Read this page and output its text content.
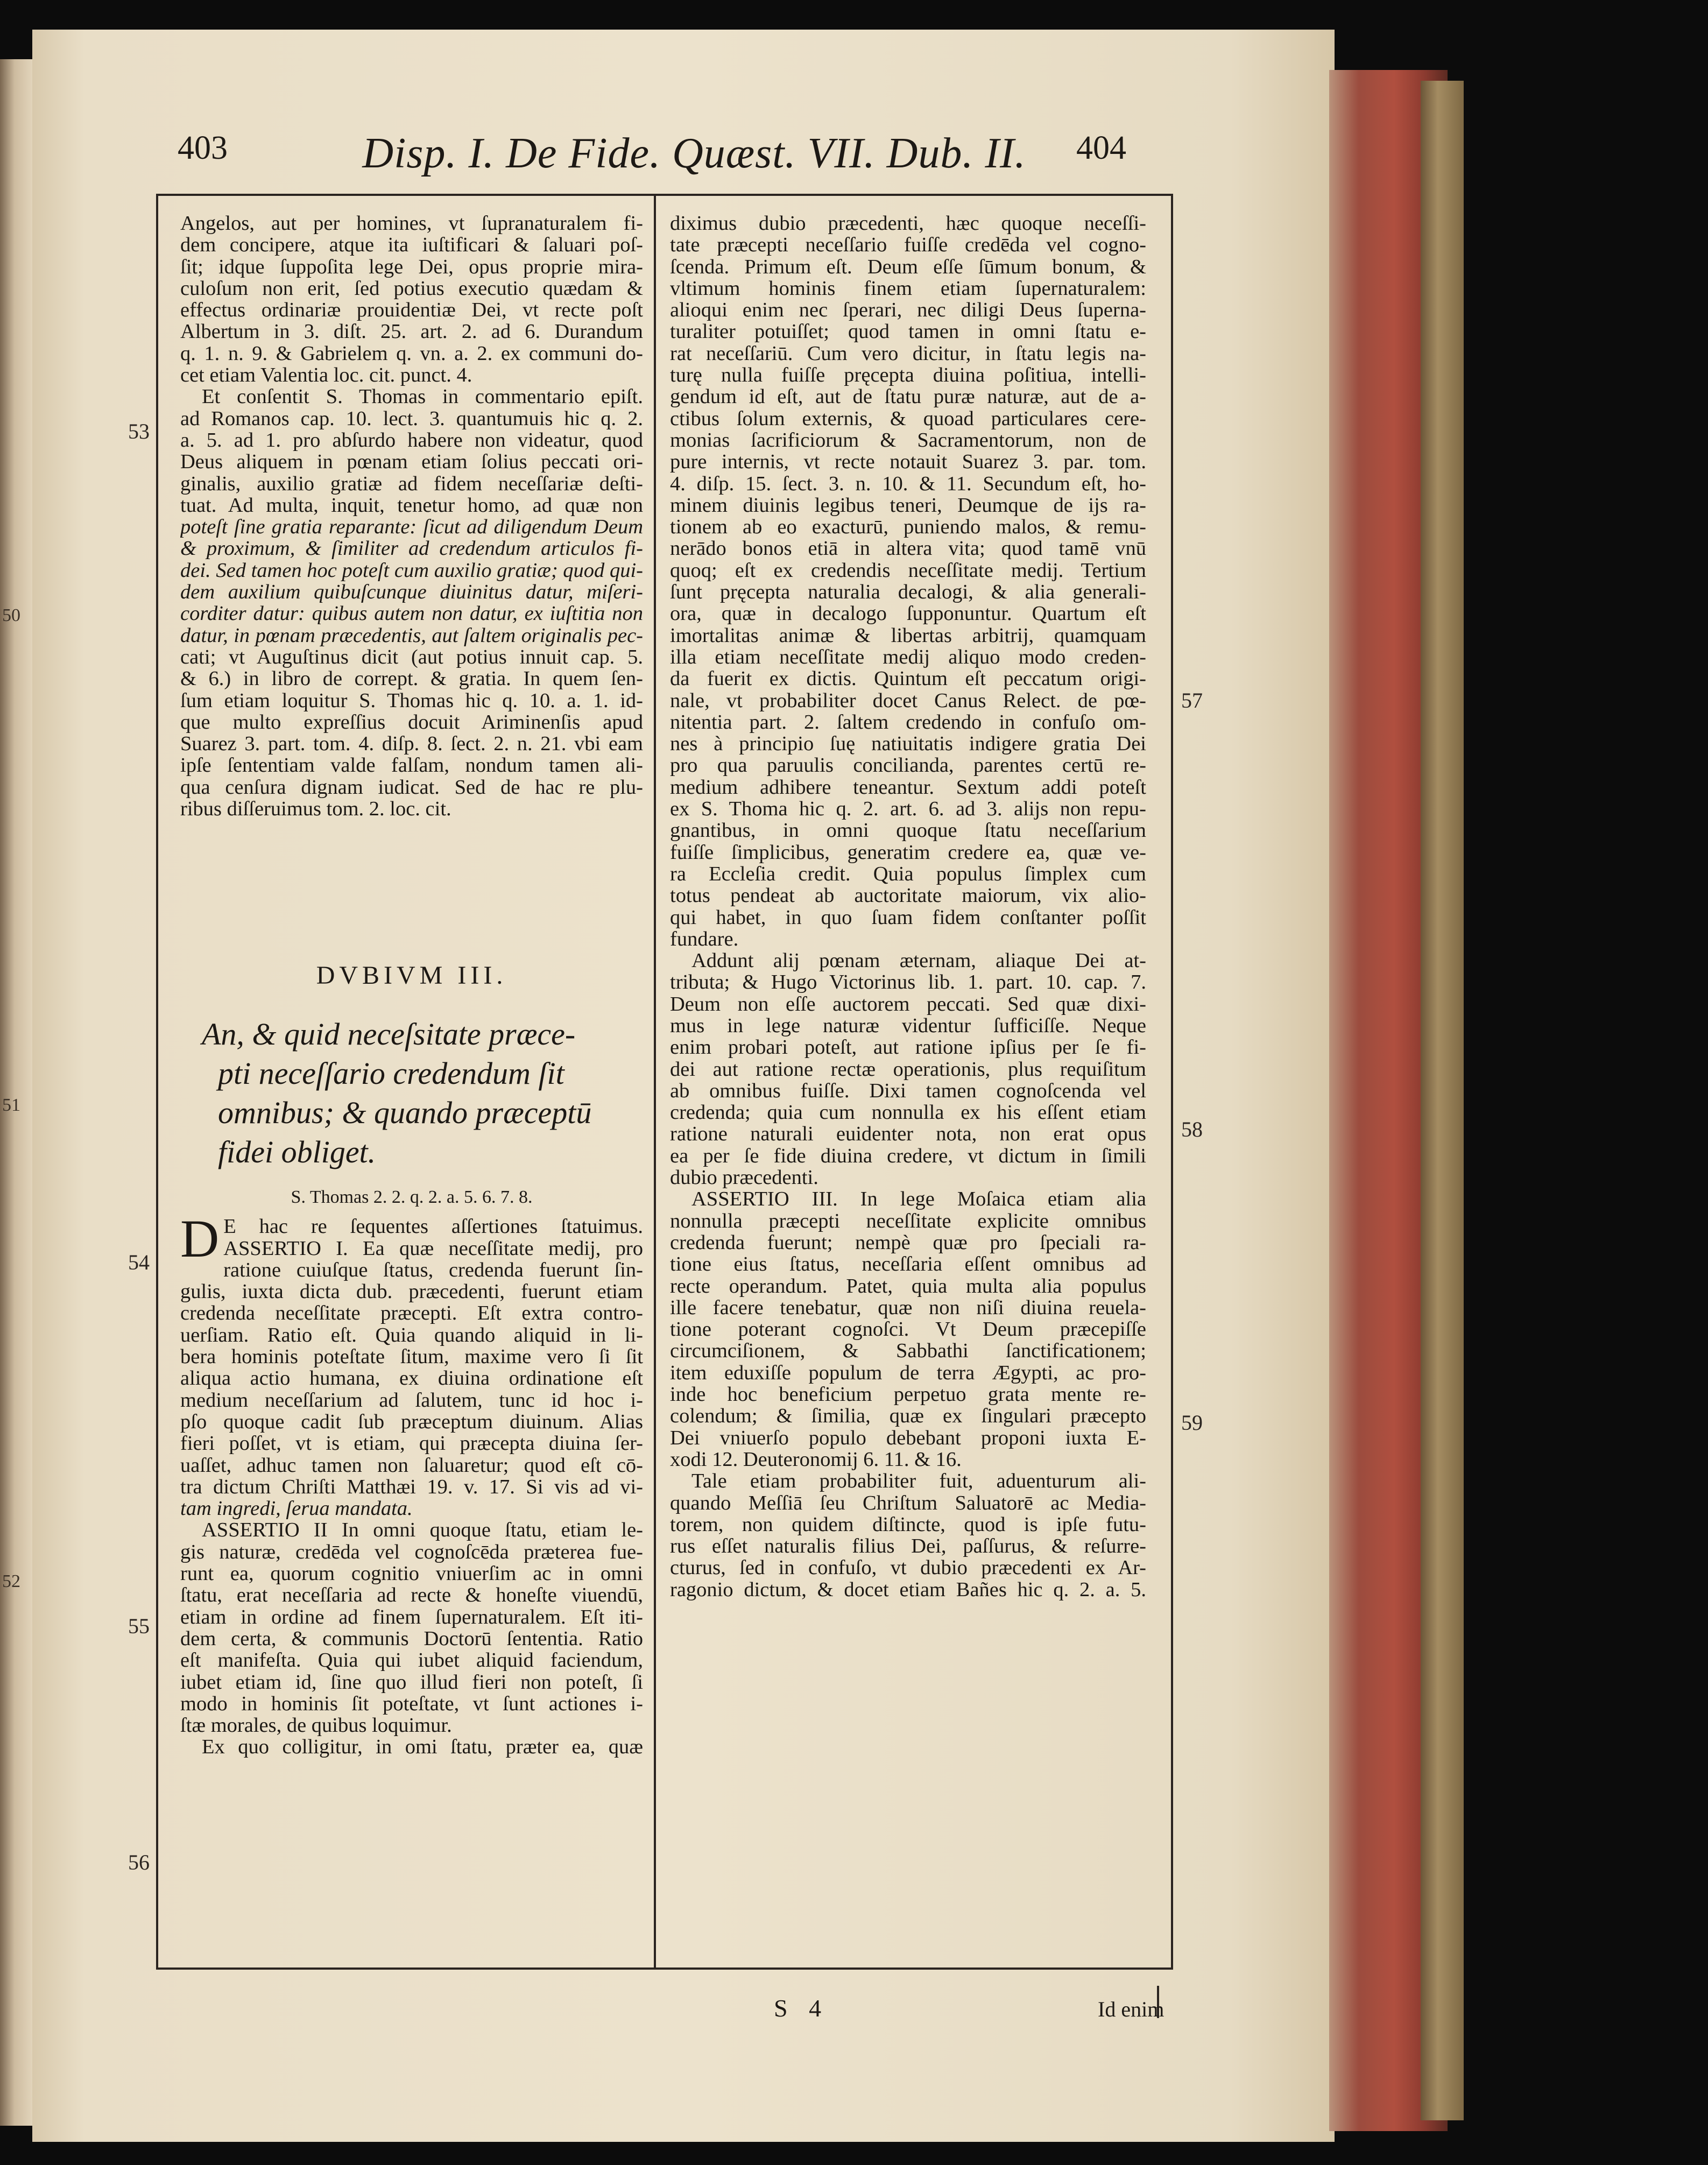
50
51
52
403	Disp. I. De Fide. Quæst. VII. Dub. II.	404
53
54
55
56
57
58
59

Angelos, aut per homines, vt ſupranaturalem fi-
dem concipere, atque ita iuſtificari & ſaluari poſ-
ſit; idque ſuppoſita lege Dei, opus proprie mira-
culoſum non erit, ſed potius executio quædam &
effectus ordinariæ prouidentiæ Dei, vt recte poſt
Albertum in 3. diſt. 25. art. 2. ad 6. Durandum
q. 1. n. 9. & Gabrielem q. vn. a. 2. ex communi do-
cet etiam Valentia loc. cit. punct. 4.

Et conſentit S. Thomas in commentario epiſt.
ad Romanos cap. 10. lect. 3. quantumuis hic q. 2.
a. 5. ad 1. pro abſurdo habere non videatur, quod
Deus aliquem in pœnam etiam ſolius peccati ori-
ginalis, auxilio gratiæ ad fidem neceſſariæ deſti-
tuat. Ad multa, inquit, tenetur homo, ad quæ non
poteſt ſine gratia reparante: ſicut ad diligendum Deum
& proximum, & ſimiliter ad credendum articulos fi-
dei. Sed tamen hoc poteſt cum auxilio gratiæ; quod qui-
dem auxilium quibuſcunque diuinitus datur, miſeri-
corditer datur: quibus autem non datur, ex iuſtitia non
datur, in pœnam præcedentis, aut ſaltem originalis pec-
cati; vt Auguſtinus dicit (aut potius innuit cap. 5.
& 6.) in libro de corrept. & gratia. In quem ſen-
ſum etiam loquitur S. Thomas hic q. 10. a. 1. id-
que multo expreſſius docuit Ariminenſis apud
Suarez 3. part. tom. 4. diſp. 8. ſect. 2. n. 21. vbi eam
ipſe ſententiam valde falſam, nondum tamen ali-
qua cenſura dignam iudicat. Sed de hac re plu-
ribus diſſeruimus tom. 2. loc. cit.

DVBIVM III.
An, & quid neceſsitate præce-
pti neceſſario credendum ſit
omnibus; & quando præceptū
fidei obliget.

S. Thomas 2. 2. q. 2. a. 5. 6. 7. 8.

D E hac re ſequentes aſſertiones ſtatuimus.
ASSERTIO I. Ea quæ neceſſitate medij, pro
ratione cuiuſque ſtatus, credenda fuerunt ſin-
gulis, iuxta dicta dub. præcedenti, fuerunt etiam
credenda neceſſitate præcepti. Eſt extra contro-
uerſiam. Ratio eſt. Quia quando aliquid in li-
bera hominis poteſtate ſitum, maxime vero ſi ſit
aliqua actio humana, ex diuina ordinatione eſt
medium neceſſarium ad ſalutem, tunc id hoc i-
pſo quoque cadit ſub præceptum diuinum. Alias
fieri poſſet, vt is etiam, qui præcepta diuina ſer-
uaſſet, adhuc tamen non ſaluaretur; quod eſt cō-
tra dictum Chriſti Matthæi 19. v. 17. Si vis ad vi-
tam ingredi, ſerua mandata.

ASSERTIO II In omni quoque ſtatu, etiam le-
gis naturæ, credēda vel cognoſcēda præterea fue-
runt ea, quorum cognitio vniuerſim ac in omni
ſtatu, erat neceſſaria ad recte & honeſte viuendū,
etiam in ordine ad finem ſupernaturalem. Eſt iti-
dem certa, & communis Doctorū ſententia. Ratio
eſt manifeſta. Quia qui iubet aliquid faciendum,
iubet etiam id, ſine quo illud fieri non poteſt, ſi
modo in hominis ſit poteſtate, vt ſunt actiones i-
ſtæ morales, de quibus loquimur.

Ex quo colligitur, in omi ſtatu, præter ea, quæ

diximus dubio præcedenti, hæc quoque neceſſi-
tate præcepti neceſſario fuiſſe credēda vel cogno-
ſcenda. Primum eſt. Deum eſſe ſūmum bonum, &
vltimum hominis finem etiam ſupernaturalem:
alioqui enim nec ſperari, nec diligi Deus ſuperna-
turaliter potuiſſet; quod tamen in omni ſtatu e-
rat neceſſariū. Cum vero dicitur, in ſtatu legis na-
turę nulla fuiſſe pręcepta diuina poſitiua, intelli-
gendum id eſt, aut de ſtatu puræ naturæ, aut de a-
ctibus ſolum externis, & quoad particulares cere-
monias ſacrificiorum & Sacramentorum, non de
pure internis, vt recte notauit Suarez 3. par. tom.
4. diſp. 15. ſect. 3. n. 10. & 11. Secundum eſt, ho-
minem diuinis legibus teneri, Deumque de ijs ra-
tionem ab eo exacturū, puniendo malos, & remu-
nerādo bonos etiā in altera vita; quod tamē vnū
quoq; eſt ex credendis neceſſitate medij. Tertium
ſunt pręcepta naturalia decalogi, & alia generali-
ora, quæ in decalogo ſupponuntur. Quartum eſt
imortalitas animæ & libertas arbitrij, quamquam
illa etiam neceſſitate medij aliquo modo creden-
da fuerit ex dictis. Quintum eſt peccatum origi-
nale, vt probabiliter docet Canus Relect. de pœ-
nitentia part. 2. ſaltem credendo in confuſo om-
nes à principio ſuę natiuitatis indigere gratia Dei
pro qua paruulis concilianda, parentes certū re-
medium adhibere teneantur. Sextum addi poteſt
ex S. Thoma hic q. 2. art. 6. ad 3. alijs non repu-
gnantibus, in omni quoque ſtatu neceſſarium
fuiſſe ſimplicibus, generatim credere ea, quæ ve-
ra Eccleſia credit. Quia populus ſimplex cum
totus pendeat ab auctoritate maiorum, vix alio-
qui habet, in quo ſuam fidem conſtanter poſſit
fundare.

Addunt alij pœnam æternam, aliaque Dei at-
tributa; & Hugo Victorinus lib. 1. part. 10. cap. 7.
Deum non eſſe auctorem peccati. Sed quæ dixi-
mus in lege naturæ videntur ſufficiſſe. Neque
enim probari poteſt, aut ratione ipſius per ſe fi-
dei aut ratione rectæ operationis, plus requiſitum
ab omnibus fuiſſe. Dixi tamen cognoſcenda vel
credenda; quia cum nonnulla ex his eſſent etiam
ratione naturali euidenter nota, non erat opus
ea per ſe fide diuina credere, vt dictum in ſimili
dubio præcedenti.

ASSERTIO III. In lege Moſaica etiam alia
nonnulla præcepti neceſſitate explicite omnibus
credenda fuerunt; nempè quæ pro ſpeciali ra-
tione eius ſtatus, neceſſaria eſſent omnibus ad
recte operandum. Patet, quia multa alia populus
ille facere tenebatur, quæ non niſi diuina reuela-
tione poterant cognoſci. Vt Deum præcepiſſe
circumciſionem, & Sabbathi ſanctificationem;
item eduxiſſe populum de terra Ægypti, ac pro-
inde hoc beneficium perpetuo grata mente re-
colendum; & ſimilia, quæ ex ſingulari præcepto
Dei vniuerſo populo debebant proponi iuxta E-
xodi 12. Deuteronomij 6. 11. & 16.

Tale etiam probabiliter fuit, aduenturum ali-
quando Meſſiā ſeu Chriſtum Saluatorē ac Media-
torem, non quidem diſtincte, quod is ipſe futu-
rus eſſet naturalis filius Dei, paſſurus, & reſurre-
cturus, ſed in confuſo, vt dubio præcedenti ex Ar-
ragonio dictum, & docet etiam Bañes hic q. 2. a. 5.

S 4	Id enim
